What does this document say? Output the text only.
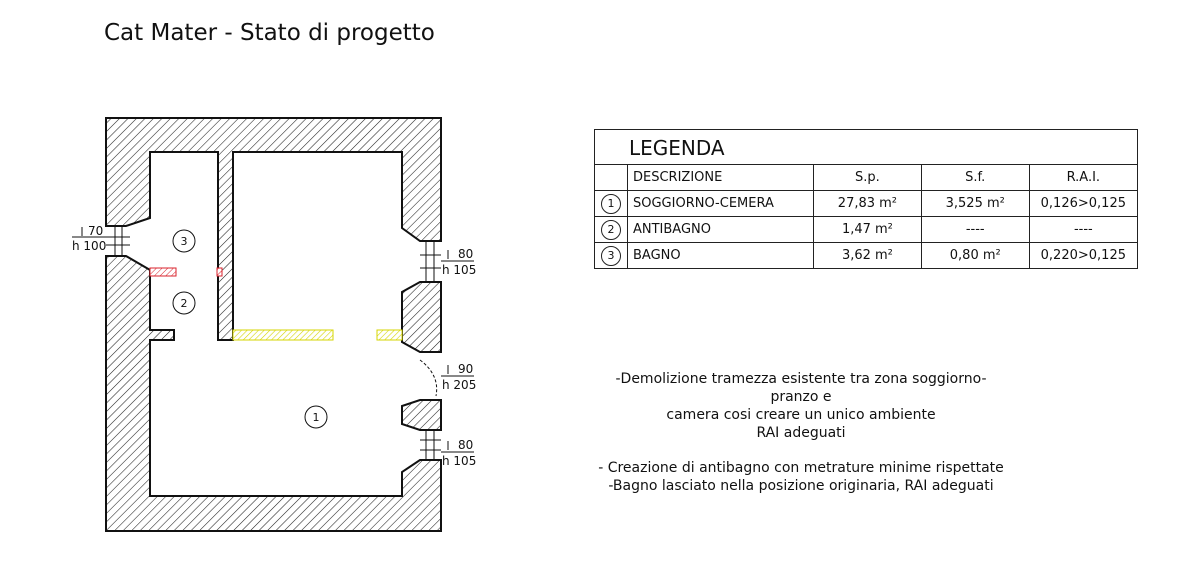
Cat Mater - Stato di progetto
1
2
3
70
h 100
80
h 105
90
h 205
80
h 105
LEGENDA
	DESCRIZIONE	S.p.	S.f.	R.A.I.
1	SOGGIORNO-CEMERA	27,83 m²	3,525 m²	0,126>0,125
2	ANTIBAGNO	1,47 m²	----	----
3	BAGNO	3,62 m²	0,80 m²	0,220>0,125

-Demolizione tramezza esistente tra zona soggiorno-pranzo e

camera cosi creare un unico ambiente

RAI adeguati

- Creazione di antibagno con metrature minime rispettate

-Bagno lasciato nella posizione originaria, RAI adeguati
